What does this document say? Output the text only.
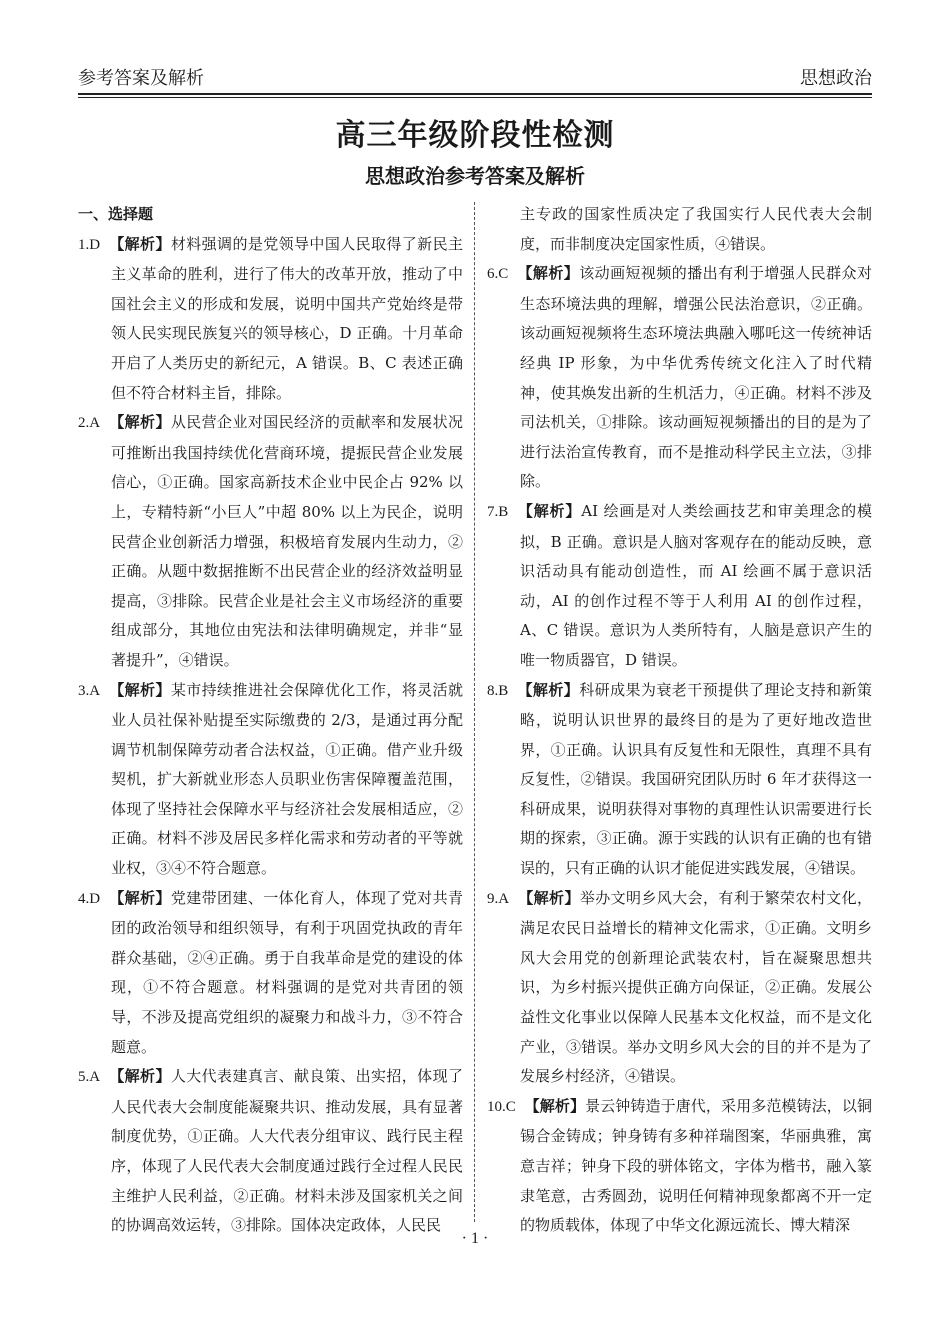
参考答案及解析	思想政治
高三年级阶段性检测
思想政治参考答案及解析
一、选择题

1.D 【解析】材料强调的是党领导中国人民取得了新民主主义革命的胜利，进行了伟大的改革开放，推动了中国社会主义的形成和发展，说明中国共产党始终是带领人民实现民族复兴的领导核心，D 正确。十月革命开启了人类历史的新纪元，A 错误。B、C 表述正确但不符合材料主旨，排除。

2.A 【解析】从民营企业对国民经济的贡献率和发展状况可推断出我国持续优化营商环境，提振民营企业发展信心，①正确。国家高新技术企业中民企占 92% 以上，专精特新“小巨人”中超 80% 以上为民企，说明民营企业创新活力增强，积极培育发展内生动力，②正确。从题中数据推断不出民营企业的经济效益明显提高，③排除。民营企业是社会主义市场经济的重要组成部分，其地位由宪法和法律明确规定，并非“显著提升”，④错误。

3.A 【解析】某市持续推进社会保障优化工作，将灵活就业人员社保补贴提至实际缴费的 2/3，是通过再分配调节机制保障劳动者合法权益，①正确。借产业升级契机，扩大新就业形态人员职业伤害保障覆盖范围，体现了坚持社会保障水平与经济社会发展相适应，②正确。材料不涉及居民多样化需求和劳动者的平等就业权，③④不符合题意。

4.D 【解析】党建带团建、一体化育人，体现了党对共青团的政治领导和组织领导，有利于巩固党执政的青年群众基础，②④正确。勇于自我革命是党的建设的体现，①不符合题意。材料强调的是党对共青团的领导，不涉及提高党组织的凝聚力和战斗力，③不符合题意。

5.A 【解析】人大代表建真言、献良策、出实招，体现了人民代表大会制度能凝聚共识、推动发展，具有显著制度优势，①正确。人大代表分组审议、践行民主程序，体现了人民代表大会制度通过践行全过程人民民主维护人民利益，②正确。材料未涉及国家机关之间的协调高效运转，③排除。国体决定政体，人民民

主专政的国家性质决定了我国实行人民代表大会制度，而非制度决定国家性质，④错误。

6.C 【解析】该动画短视频的播出有利于增强人民群众对生态环境法典的理解，增强公民法治意识，②正确。该动画短视频将生态环境法典融入哪吒这一传统神话经典 IP 形象，为中华优秀传统文化注入了时代精神，使其焕发出新的生机活力，④正确。材料不涉及司法机关，①排除。该动画短视频播出的目的是为了进行法治宣传教育，而不是推动科学民主立法，③排除。

7.B 【解析】AI 绘画是对人类绘画技艺和审美理念的模拟，B 正确。意识是人脑对客观存在的能动反映，意识活动具有能动创造性，而 AI 绘画不属于意识活动，AI 的创作过程不等于人利用 AI 的创作过程，A、C 错误。意识为人类所特有，人脑是意识产生的唯一物质器官，D 错误。

8.B 【解析】科研成果为衰老干预提供了理论支持和新策略，说明认识世界的最终目的是为了更好地改造世界，①正确。认识具有反复性和无限性，真理不具有反复性，②错误。我国研究团队历时 6 年才获得这一科研成果，说明获得对事物的真理性认识需要进行长期的探索，③正确。源于实践的认识有正确的也有错误的，只有正确的认识才能促进实践发展，④错误。

9.A 【解析】举办文明乡风大会，有利于繁荣农村文化，满足农民日益增长的精神文化需求，①正确。文明乡风大会用党的创新理论武装农村，旨在凝聚思想共识，为乡村振兴提供正确方向保证，②正确。发展公益性文化事业以保障人民基本文化权益，而不是文化产业，③错误。举办文明乡风大会的目的并不是为了发展乡村经济，④错误。

10.C 【解析】景云钟铸造于唐代，采用多范模铸法，以铜锡合金铸成；钟身铸有多种祥瑞图案，华丽典雅，寓意吉祥；钟身下段的骈体铭文，字体为楷书，融入篆隶笔意，古秀圆劲，说明任何精神现象都离不开一定的物质载体，体现了中华文化源远流长、博大精深

· 1 ·
